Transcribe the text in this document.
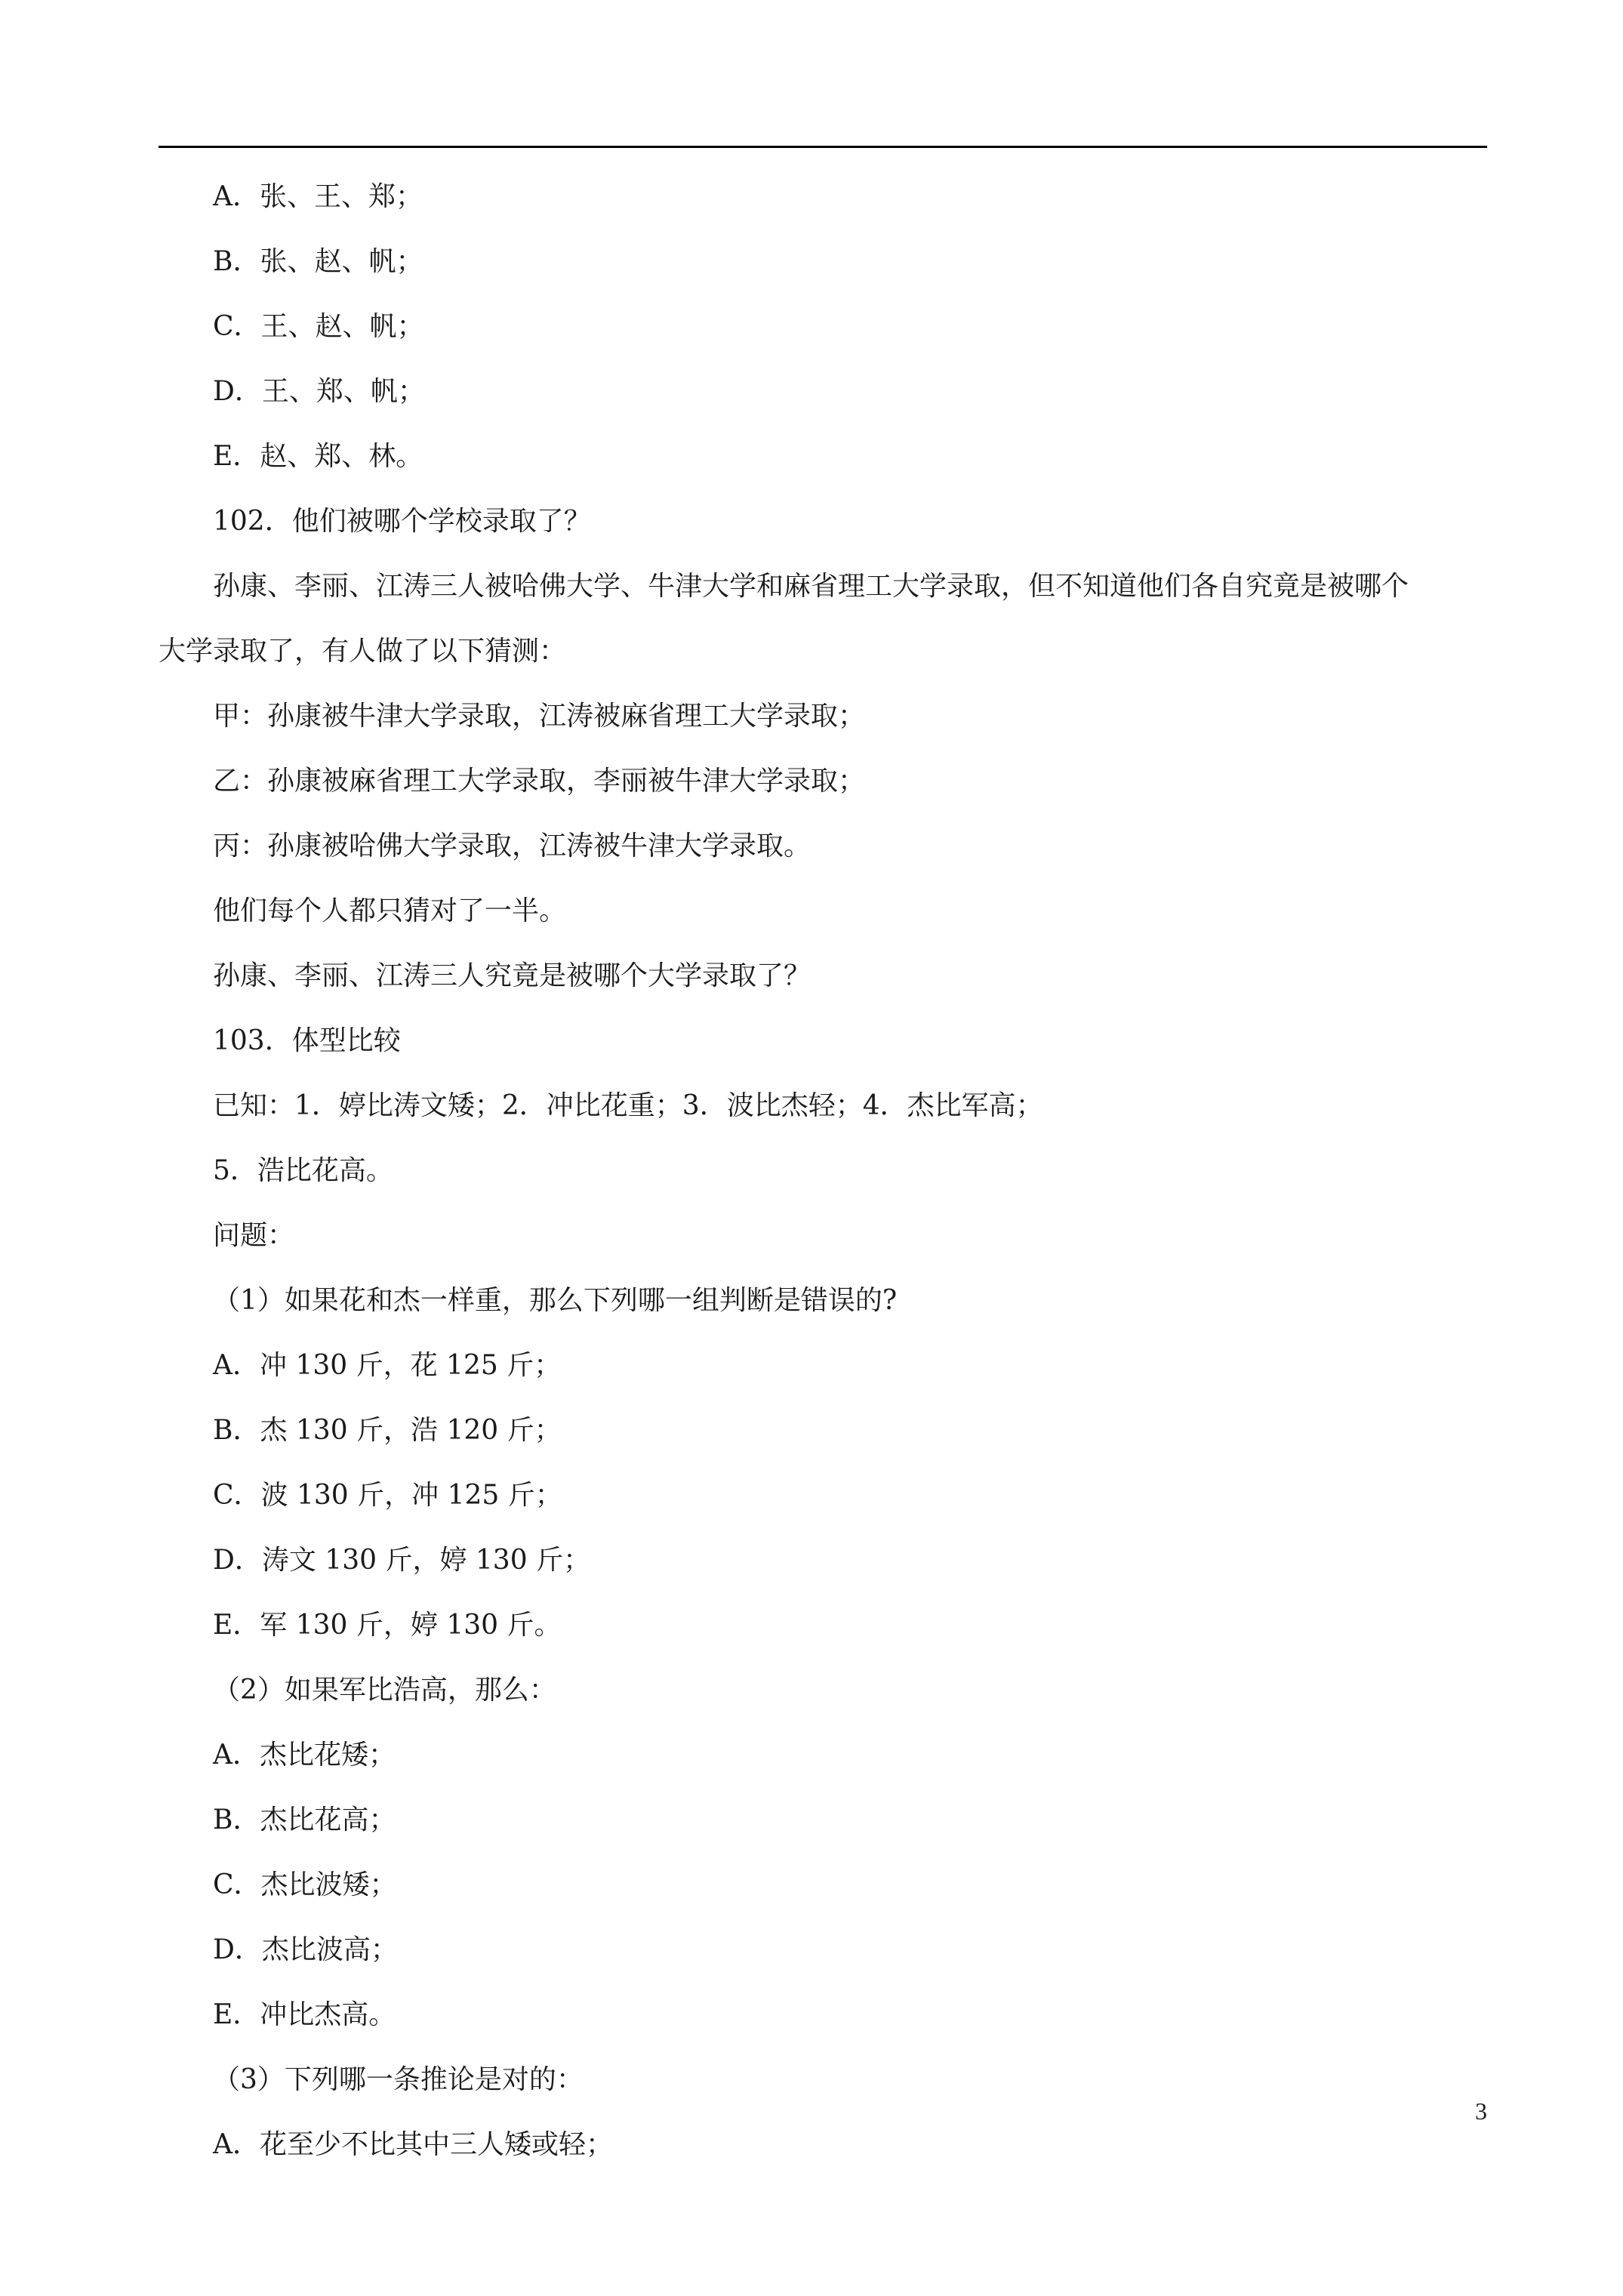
A．张、王、郑；
B．张、赵、帆；
C．王、赵、帆；
D．王、郑、帆；
E．赵、郑、林。
102．他们被哪个学校录取了？
孙康、李丽、江涛三人被哈佛大学、牛津大学和麻省理工大学录取，但不知道他们各自究竟是被哪个
大学录取了，有人做了以下猜测：
甲：孙康被牛津大学录取，江涛被麻省理工大学录取；
乙：孙康被麻省理工大学录取，李丽被牛津大学录取；
丙：孙康被哈佛大学录取，江涛被牛津大学录取。
他们每个人都只猜对了一半。
孙康、李丽、江涛三人究竟是被哪个大学录取了？
103．体型比较
已知：1．婷比涛文矮；2．冲比花重；3．波比杰轻；4．杰比军高；
5．浩比花高。
问题：
（1）如果花和杰一样重，那么下列哪一组判断是错误的?
A．冲 130 斤，花 125 斤；
B．杰 130 斤，浩 120 斤；
C．波 130 斤，冲 125 斤；
D．涛文 130 斤，婷 130 斤；
E．军 130 斤，婷 130 斤。
（2）如果军比浩高，那么：
A．杰比花矮；
B．杰比花高；
C．杰比波矮；
D．杰比波高；
E．冲比杰高。
（3）下列哪一条推论是对的：
A．花至少不比其中三人矮或轻；
3
